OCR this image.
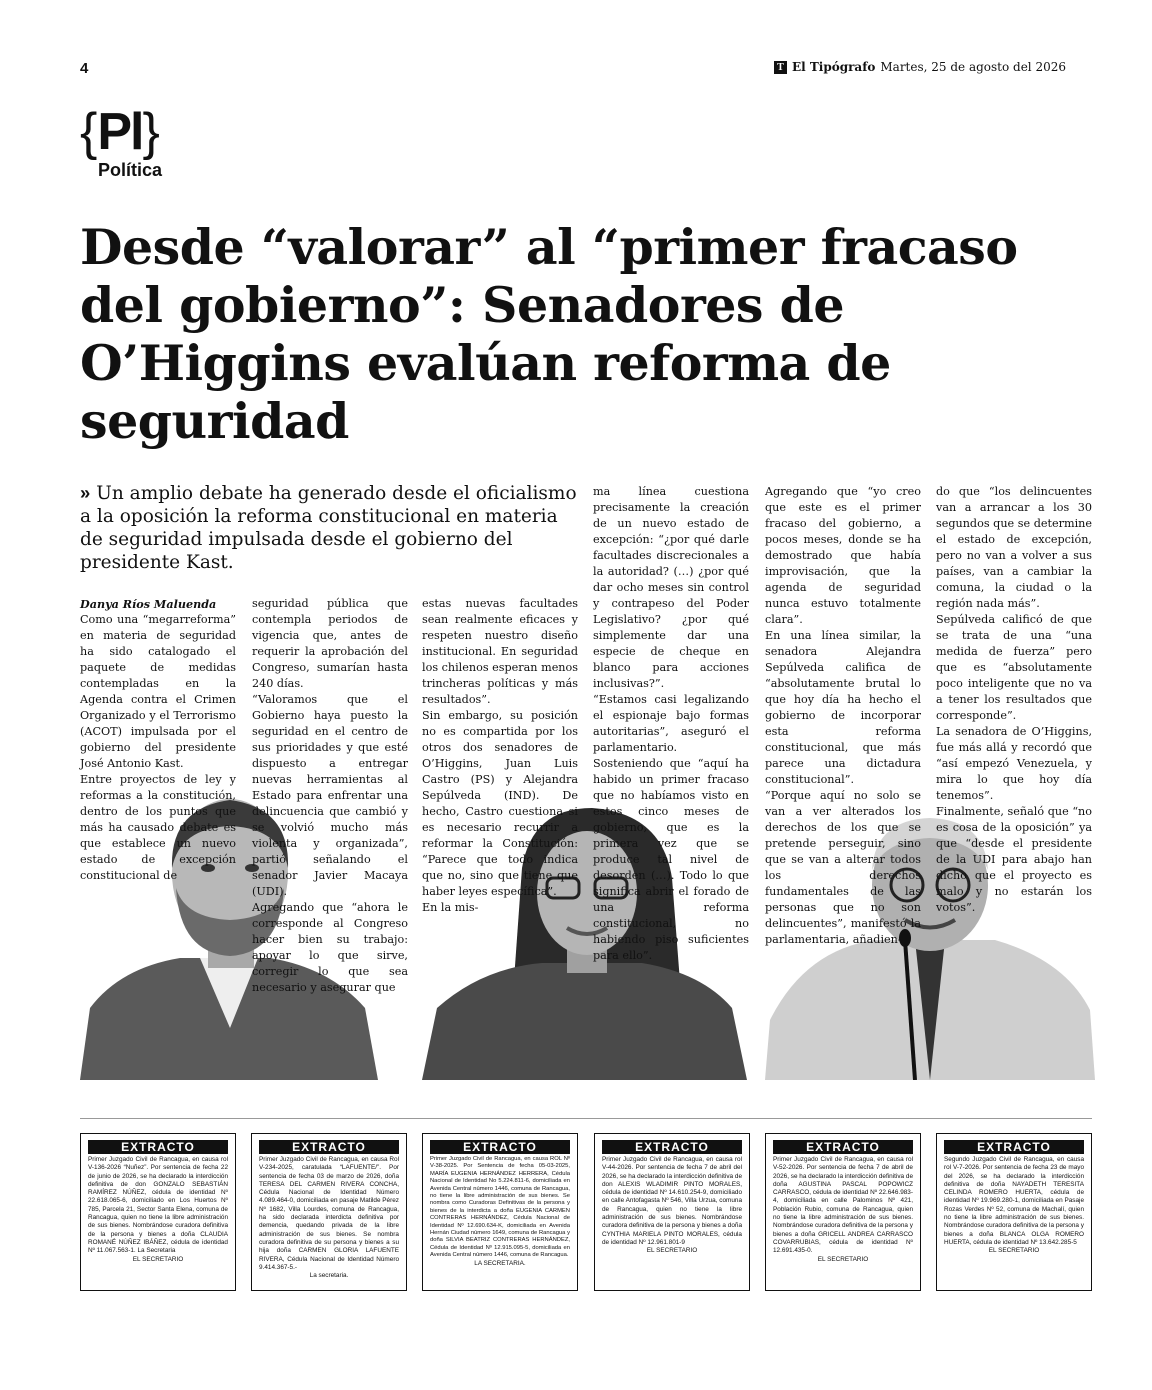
4	T El Tipógrafo Martes, 25 de agosto del 2026
{Pl}
Política
Desde “valorar” al “primer fracaso del gobierno”: Senadores de O’Higgins evalúan reforma de seguridad
» Un amplio debate ha generado desde el oficialismo a la oposición la reforma constitucional en materia de seguridad impulsada desde el gobierno del presidente Kast.

Danya Ríos Maluenda

Como una “megarreforma” en materia de seguridad ha sido catalogado el paquete de medidas contempladas en la Agenda contra el Crimen Organizado y el Terrorismo (ACOT) impulsada por el gobierno del presidente José Antonio Kast.

Entre proyectos de ley y reformas a la constitución, dentro de los puntos que más ha causado debate es que establece un nuevo estado de excepción constitucional de

seguridad pública que contempla periodos de vigencia que, antes de requerir la aprobación del Congreso, sumarían hasta 240 días.

“Valoramos que el Gobierno haya puesto la seguridad en el centro de sus prioridades y que esté dispuesto a entregar nuevas herramientas al Estado para enfrentar una delincuencia que cambió y se volvió mucho más violenta y organizada”, partió señalando el senador Javier Macaya (UDI).

Agregando que “ahora le corresponde al Congreso hacer bien su trabajo: apoyar lo que sirve, corregir lo que sea necesario y asegurar que

estas nuevas facultades sean realmente eficaces y respeten nuestro diseño institucional. En seguridad los chilenos esperan menos trincheras políticas y más resultados”.

Sin embargo, su posición no es compartida por los otros dos senadores de O’Higgins, Juan Luis Castro (PS) y Alejandra Sepúlveda (IND). De hecho, Castro cuestiona si es necesario recurrir a reformar la Constitución: “Parece que todo indica que no, sino que tiene que haber leyes específica”.

En la mis-

ma línea cuestiona precisamente la creación de un nuevo estado de excepción: “¿por qué darle facultades discrecionales a la autoridad? (…) ¿por qué dar ocho meses sin control y contrapeso del Poder Legislativo? ¿por qué simplemente dar una especie de cheque en blanco para acciones inclusivas?”.

“Estamos casi legalizando el espionaje bajo formas autoritarias”, aseguró el parlamentario. Sosteniendo que “aquí ha habido un primer fracaso que no habíamos visto en estos cinco meses de gobierno, que es la primera vez que se produce tal nivel de desorden (…). Todo lo que significa abrir el forado de una reforma constitucional, no habiendo piso suficientes para ello”.

Agregando que “yo creo que este es el primer fracaso del gobierno, a pocos meses, donde se ha demostrado que había improvisación, que la agenda de seguridad nunca estuvo totalmente clara”.

En una línea similar, la senadora Alejandra Sepúlveda califica de “absolutamente brutal lo que hoy día ha hecho el gobierno de incorporar esta reforma constitucional, que más parece una dictadura constitucional”.

“Porque aquí no solo se van a ver alterados los derechos de los que se pretende perseguir, sino que se van a alterar todos los derechos fundamentales de las personas que no son delincuentes”, manifestó la parlamentaria, añadien-

do que “los delincuentes van a arrancar a los 30 segundos que se determine el estado de excepción, pero no van a volver a sus países, van a cambiar la comuna, la ciudad o la región nada más”.

Sepúlveda calificó de que se trata de una “una medida de fuerza” pero que es “absolutamente poco inteligente que no va a tener los resultados que corresponde”.

La senadora de O’Higgins, fue más allá y recordó que “así empezó Venezuela, y mira lo que hoy día tenemos”.

Finalmente, señaló que “no es cosa de la oposición” ya que “desde el presidente de la UDI para abajo han dicho que el proyecto es malo y no estarán los votos”.

EXTRACTO
Primer Juzgado Civil de Rancagua, en causa rol V-136-2026 “Nuñez”. Por sentencia de fecha 22 de junio de 2026, se ha declarado la interdicción definitiva de don GONZALO SEBASTIÁN RAMÍREZ NÚÑEZ, cédula de identidad Nº 22.618.065-6, domiciliado en Los Huertos Nº 785, Parcela 21, Sector Santa Elena, comuna de Rancagua, quien no tiene la libre administración de sus bienes. Nombrándose curadora definitiva de la persona y bienes a doña CLAUDIA ROMANÉ NÚÑEZ IBÁÑEZ, cédula de identidad Nº 11.067.563-1. La Secretaria
EL SECRETARIO
EXTRACTO
Primer Juzgado Civil de Rancagua, en causa Rol V-234-2025, caratulada “LAFUENTE/”. Por sentencia de fecha 03 de marzo de 2026, doña TERESA DEL CARMEN RIVERA CONCHA, Cédula Nacional de Identidad Número 4.089.464-0, domiciliada en pasaje Matilde Pérez Nº 1682, Villa Lourdes, comuna de Rancagua, ha sido declarada interdicta definitiva por demencia, quedando privada de la libre administración de sus bienes. Se nombra curadora definitiva de su persona y bienes a su hija doña CARMEN GLORIA LAFUENTE RIVERA, Cédula Nacional de Identidad Número 9.414.367-5.-
La secretaria.
EXTRACTO
Primer Juzgado Civil de Rancagua, en causa ROL Nº V-38-2025. Por Sentencia de fecha 05-03-2025, MARÍA EUGENIA HERNÁNDEZ HERRERA, Cédula Nacional de Identidad No 5.224.811-6, domiciliada en Avenida Central número 1446, comuna de Rancagua, no tiene la libre administración de sus bienes. Se nombra como Curadoras Definitivas de la persona y bienes de la interdicta a doña EUGENIA CARMEN CONTRERAS HERNÁNDEZ, Cédula Nacional de Identidad Nº 12.690.634-K, domiciliada en Avenida Hernán Ciudad número 1649, comuna de Rancagua y doña SILVIA BEATRIZ CONTRERAS HERNÁNDEZ, Cédula de Identidad Nº 12.915.095-5, domiciliada en Avenida Central número 1446, comuna de Rancagua.
LA SECRETARIA.
EXTRACTO
Primer Juzgado Civil de Rancagua, en causa rol V-44-2026. Por sentencia de fecha 7 de abril del 2026, se ha declarado la interdicción definitiva de don ALEXIS WLADIMIR PINTO MORALES, cédula de identidad Nº 14.610.254-9, domiciliado en calle Antofagasta Nº 546, Villa Urzua, comuna de Rancagua, quien no tiene la libre administración de sus bienes. Nombrándose curadora definitiva de la persona y bienes a doña CYNTHIA MARIELA PINTO MORALES, cédula de identidad Nº 12.961.801-9
EL SECRETARIO
EXTRACTO
Primer Juzgado Civil de Rancagua, en causa rol V-52-2026. Por sentencia de fecha 7 de abril de 2026, se ha declarado la interdicción definitiva de doña AGUSTINA PASCAL POPOWICZ CARRASCO, cédula de identidad Nº 22.646.983-4, domiciliada en calle Palominos Nº 421, Población Rubio, comuna de Rancagua, quien no tiene la libre administración de sus bienes. Nombrándose curadora definitiva de la persona y bienes a doña GRICELL ANDREA CARRASCO COVARRUBIAS, cédula de identidad Nº 12.691.435-0.
EL SECRETARIO
EXTRACTO
Segundo Juzgado Civil de Rancagua, en causa rol V-7-2026. Por sentencia de fecha 23 de mayo del 2026, se ha declarado la interdicción definitiva de doña NAYADETH TERESITA CELINDA ROMERO HUERTA, cédula de identidad Nº 19.969.280-1, domiciliada en Pasaje Rozas Verdes Nº 52, comuna de Machalí, quien no tiene la libre administración de sus bienes. Nombrándose curadora definitiva de la persona y bienes a doña BLANCA OLGA ROMERO HUERTA, cédula de identidad Nº 13.642.285-5
EL SECRETARIO
